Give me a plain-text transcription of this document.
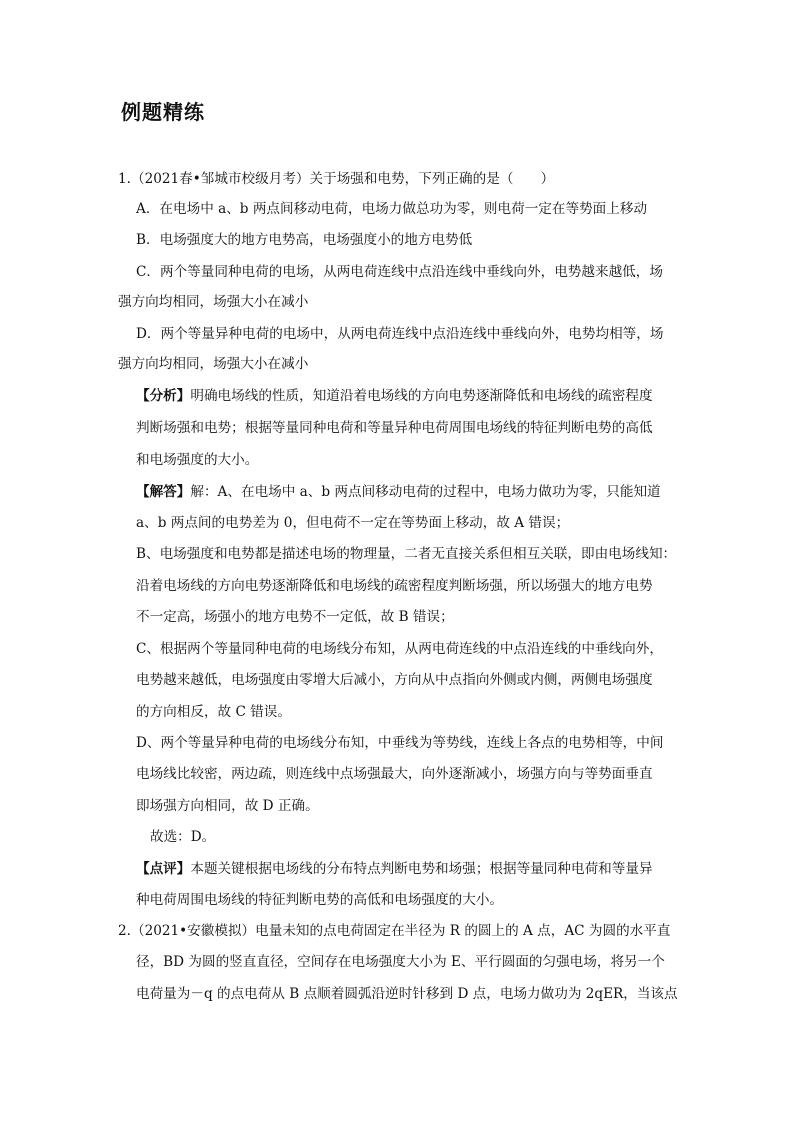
例题精练
1.（2021春•邹城市校级月考）关于场强和电势，下列正确的是（　　）
A．在电场中 a、b 两点间移动电荷，电场力做总功为零，则电荷一定在等势面上移动
B．电场强度大的地方电势高，电场强度小的地方电势低
C．两个等量同种电荷的电场，从两电荷连线中点沿连线中垂线向外，电势越来越低，场
强方向均相同，场强大小在减小
D．两个等量异种电荷的电场中，从两电荷连线中点沿连线中垂线向外，电势均相等，场
强方向均相同，场强大小在减小
【分析】明确电场线的性质，知道沿着电场线的方向电势逐渐降低和电场线的疏密程度
判断场强和电势；根据等量同种电荷和等量异种电荷周围电场线的特征判断电势的高低
和电场强度的大小。
【解答】解：A、在电场中 a、b 两点间移动电荷的过程中，电场力做功为零，只能知道
a、b 两点间的电势差为 0，但电荷不一定在等势面上移动，故 A 错误；
B、电场强度和电势都是描述电场的物理量，二者无直接关系但相互关联，即由电场线知：
沿着电场线的方向电势逐渐降低和电场线的疏密程度判断场强，所以场强大的地方电势
不一定高，场强小的地方电势不一定低，故 B 错误；
C、根据两个等量同种电荷的电场线分布知，从两电荷连线的中点沿连线的中垂线向外，
电势越来越低，电场强度由零增大后减小，方向从中点指向外侧或内侧，两侧电场强度
的方向相反，故 C 错误。
D、两个等量异种电荷的电场线分布知，中垂线为等势线，连线上各点的电势相等，中间
电场线比较密，两边疏，则连线中点场强最大，向外逐渐减小，场强方向与等势面垂直
即场强方向相同，故 D 正确。
故选：D。
【点评】本题关键根据电场线的分布特点判断电势和场强；根据等量同种电荷和等量异
种电荷周围电场线的特征判断电势的高低和电场强度的大小。
2.（2021•安徽模拟）电量未知的点电荷固定在半径为 R 的圆上的 A 点，AC 为圆的水平直
径，BD 为圆的竖直直径，空间存在电场强度大小为 E、平行圆面的匀强电场，将另一个
电荷量为－q 的点电荷从 B 点顺着圆弧沿逆时针移到 D 点，电场力做功为 2qER，当该点
